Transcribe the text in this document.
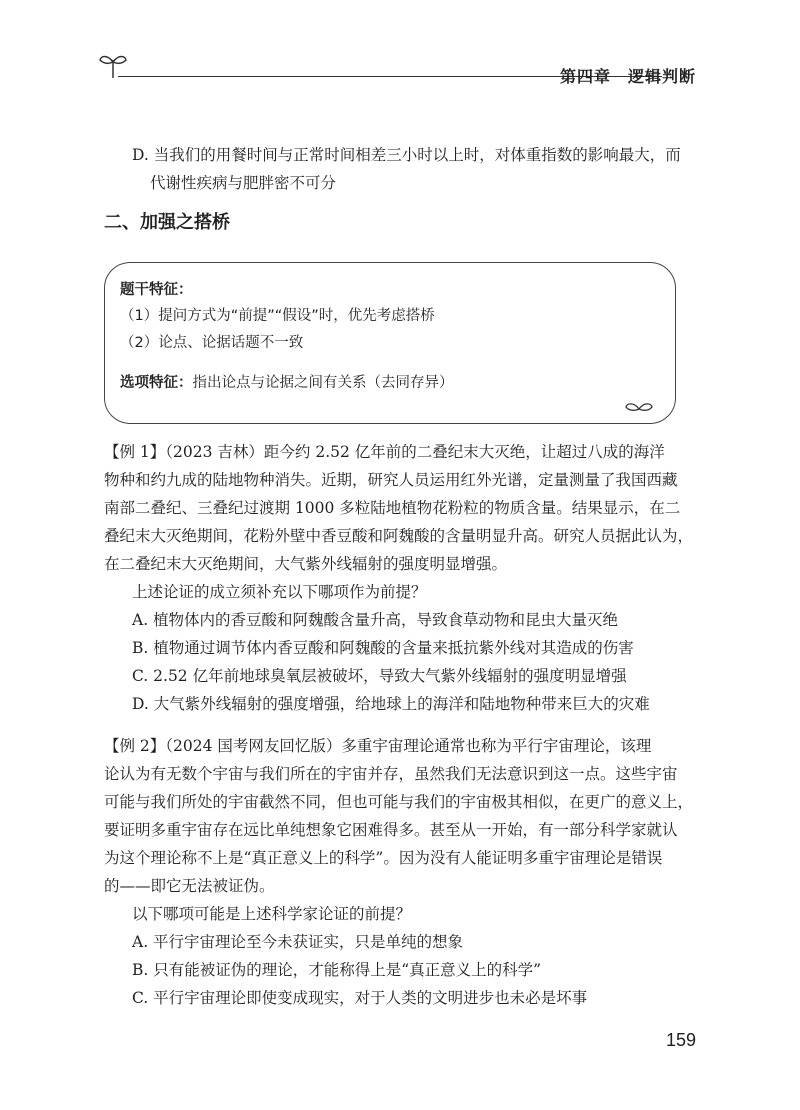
第四章　逻辑判断
D. 当我们的用餐时间与正常时间相差三小时以上时，对体重指数的影响最大，而
代谢性疾病与肥胖密不可分
二、加强之搭桥
题干特征：
（1）提问方式为“前提”“假设”时，优先考虑搭桥
（2）论点、论据话题不一致
选项特征：指出论点与论据之间有关系（去同存异）
【例 1】（2023 吉林）距今约 2.52 亿年前的二叠纪末大灭绝，让超过八成的海洋
物种和约九成的陆地物种消失。近期，研究人员运用红外光谱，定量测量了我国西藏
南部二叠纪、三叠纪过渡期 1000 多粒陆地植物花粉粒的物质含量。结果显示，在二
叠纪末大灭绝期间，花粉外壁中香豆酸和阿魏酸的含量明显升高。研究人员据此认为，
在二叠纪末大灭绝期间，大气紫外线辐射的强度明显增强。
上述论证的成立须补充以下哪项作为前提？
A. 植物体内的香豆酸和阿魏酸含量升高，导致食草动物和昆虫大量灭绝
B. 植物通过调节体内香豆酸和阿魏酸的含量来抵抗紫外线对其造成的伤害
C. 2.52 亿年前地球臭氧层被破坏，导致大气紫外线辐射的强度明显增强
D. 大气紫外线辐射的强度增强，给地球上的海洋和陆地物种带来巨大的灾难
【例 2】（2024 国考网友回忆版）多重宇宙理论通常也称为平行宇宙理论，该理
论认为有无数个宇宙与我们所在的宇宙并存，虽然我们无法意识到这一点。这些宇宙
可能与我们所处的宇宙截然不同，但也可能与我们的宇宙极其相似，在更广的意义上，
要证明多重宇宙存在远比单纯想象它困难得多。甚至从一开始，有一部分科学家就认
为这个理论称不上是“真正意义上的科学”。因为没有人能证明多重宇宙理论是错误
的——即它无法被证伪。
以下哪项可能是上述科学家论证的前提？
A. 平行宇宙理论至今未获证实，只是单纯的想象
B. 只有能被证伪的理论，才能称得上是“真正意义上的科学”
C. 平行宇宙理论即使变成现实，对于人类的文明进步也未必是坏事
159
